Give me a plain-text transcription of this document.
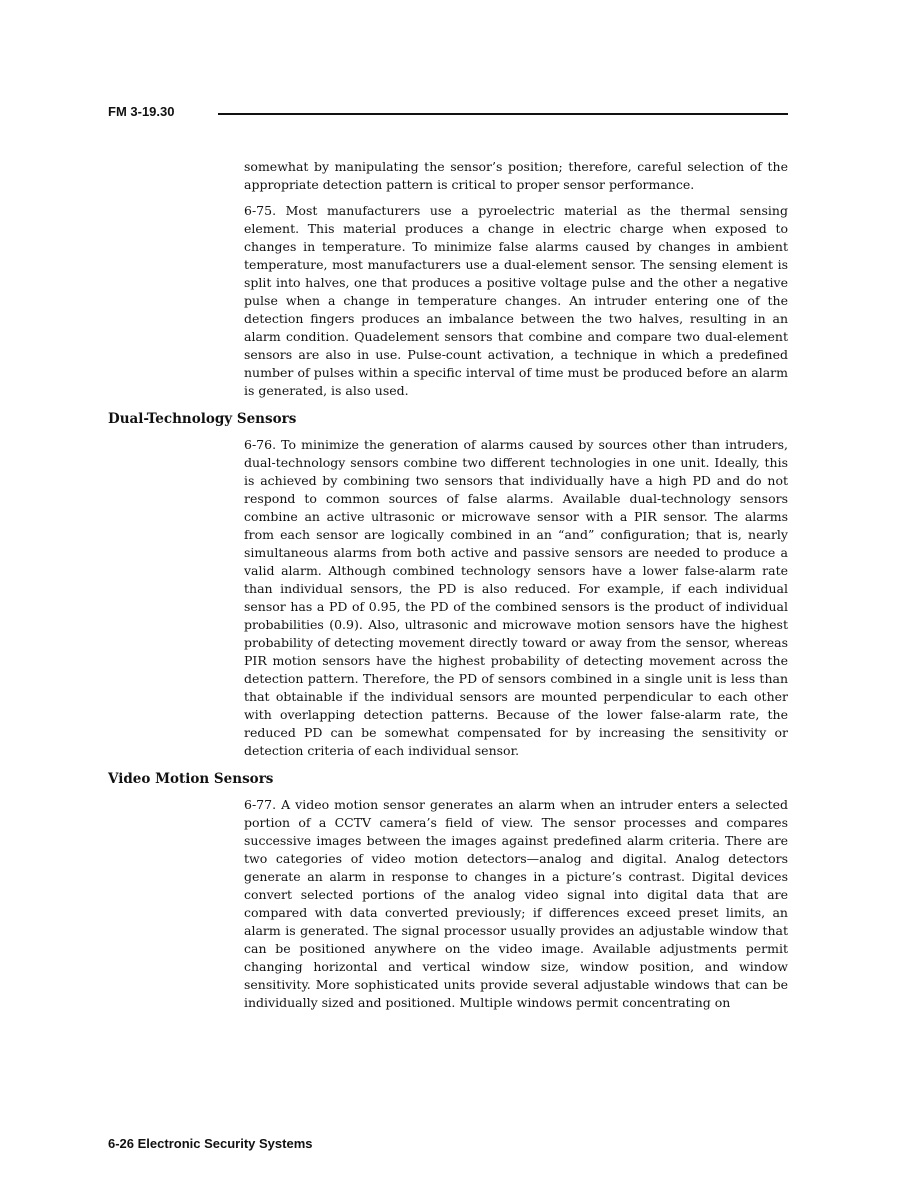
FM 3-19.30

somewhat by manipulating the sensor’s position; therefore, careful selection of the appropriate detection pattern is critical to proper sensor performance.

6-75. Most manufacturers use a pyroelectric material as the thermal sensing element. This material produces a change in electric charge when exposed to changes in temperature. To minimize false alarms caused by changes in ambient temperature, most manufacturers use a dual-element sensor. The sensing element is split into halves, one that produces a positive voltage pulse and the other a negative pulse when a change in temperature changes. An intruder entering one of the detection fingers produces an imbalance between the two halves, resulting in an alarm condition. Quadelement sensors that combine and compare two dual-element sensors are also in use. Pulse-count activation, a technique in which a predefined number of pulses within a specific interval of time must be produced before an alarm is generated, is also used.

Dual-Technology Sensors

6-76. To minimize the generation of alarms caused by sources other than intruders, dual-technology sensors combine two different technologies in one unit. Ideally, this is achieved by combining two sensors that individually have a high PD and do not respond to common sources of false alarms. Available dual-technology sensors combine an active ultrasonic or microwave sensor with a PIR sensor. The alarms from each sensor are logically combined in an “and” configuration; that is, nearly simultaneous alarms from both active and passive sensors are needed to produce a valid alarm. Although combined technology sensors have a lower false-alarm rate than individual sensors, the PD is also reduced. For example, if each individual sensor has a PD of 0.95, the PD of the combined sensors is the product of individual probabilities (0.9). Also, ultrasonic and microwave motion sensors have the highest probability of detecting movement directly toward or away from the sensor, whereas PIR motion sensors have the highest probability of detecting movement across the detection pattern. Therefore, the PD of sensors combined in a single unit is less than that obtainable if the individual sensors are mounted perpendicular to each other with overlapping detection patterns. Because of the lower false-alarm rate, the reduced PD can be somewhat compensated for by increasing the sensitivity or detection criteria of each individual sensor.

Video Motion Sensors

6-77. A video motion sensor generates an alarm when an intruder enters a selected portion of a CCTV camera’s field of view. The sensor processes and compares successive images between the images against predefined alarm criteria. There are two categories of video motion detectors—analog and digital. Analog detectors generate an alarm in response to changes in a picture’s contrast. Digital devices convert selected portions of the analog video signal into digital data that are compared with data converted previously; if differences exceed preset limits, an alarm is generated. The signal processor usually provides an adjustable window that can be positioned anywhere on the video image. Available adjustments permit changing horizontal and vertical window size, window position, and window sensitivity. More sophisticated units provide several adjustable windows that can be individually sized and positioned. Multiple windows permit concentrating on

6-26 Electronic Security Systems
